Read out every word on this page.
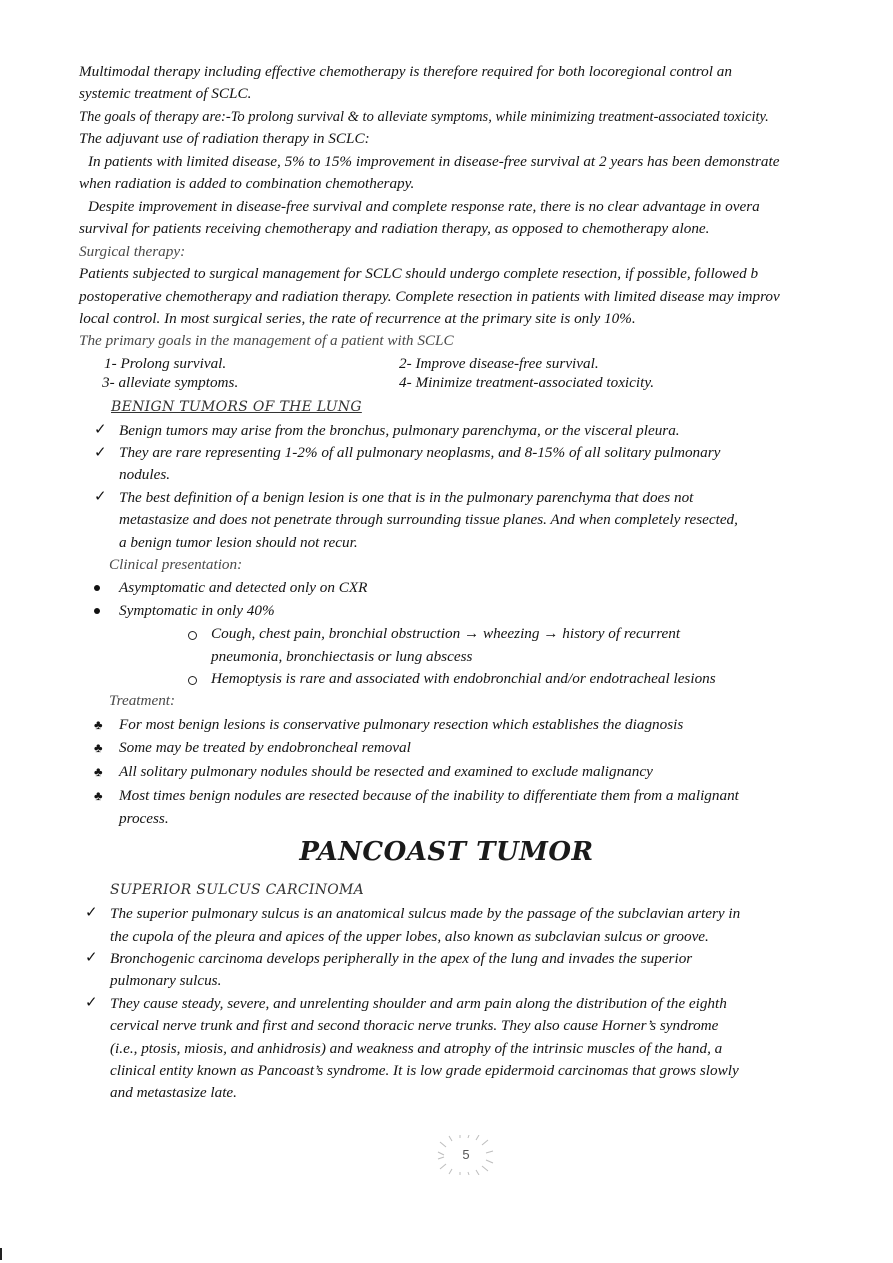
Multimodal therapy including effective chemotherapy is therefore required for both locoregional control an
systemic treatment of SCLC.
The goals of therapy are:-To prolong survival & to alleviate symptoms, while minimizing treatment-associated toxicity.
The adjuvant use of radiation therapy in SCLC:
In patients with limited disease, 5% to 15% improvement in disease-free survival at 2 years has been demonstrate
when radiation is added to combination chemotherapy.
Despite improvement in disease-free survival and complete response rate, there is no clear advantage in overa
survival for patients receiving chemotherapy and radiation therapy, as opposed to chemotherapy alone.
Surgical therapy:
Patients subjected to surgical management for SCLC should undergo complete resection, if possible, followed b
postoperative chemotherapy and radiation therapy. Complete resection in patients with limited disease may improv
local control. In most surgical series, the rate of recurrence at the primary site is only 10%.
The primary goals in the management of a patient with SCLC
1- Prolong survival.	2- Improve disease-free survival.
3- alleviate symptoms.	4- Minimize treatment-associated toxicity.
BENIGN TUMORS OF THE LUNG
✓ Benign tumors may arise from the bronchus, pulmonary parenchyma, or the visceral pleura.
✓ They are rare representing 1-2% of all pulmonary neoplasms, and 8-15% of all solitary pulmonary
nodules.
✓ The best definition of a benign lesion is one that is in the pulmonary parenchyma that does not
metastasize and does not penetrate through surrounding tissue planes. And when completely resected,
a benign tumor lesion should not recur.
Clinical presentation:
Asymptomatic and detected only on CXR
Symptomatic in only 40%
Cough, chest pain, bronchial obstruction → wheezing → history of recurrent
pneumonia, bronchiectasis or lung abscess
Hemoptysis is rare and associated with endobronchial and/or endotracheal lesions
Treatment:
♣ For most benign lesions is conservative pulmonary resection which establishes the diagnosis
♣ Some may be treated by endobroncheal removal
♣ All solitary pulmonary nodules should be resected and examined to exclude malignancy
♣ Most times benign nodules are resected because of the inability to differentiate them from a malignant
process.
PANCOAST TUMOR
SUPERIOR SULCUS CARCINOMA
✓ The superior pulmonary sulcus is an anatomical sulcus made by the passage of the subclavian artery in
the cupola of the pleura and apices of the upper lobes, also known as subclavian sulcus or groove.
✓ Bronchogenic carcinoma develops peripherally in the apex of the lung and invades the superior
pulmonary sulcus.
✓ They cause steady, severe, and unrelenting shoulder and arm pain along the distribution of the eighth
cervical nerve trunk and first and second thoracic nerve trunks. They also cause Horner’s syndrome
(i.e., ptosis, miosis, and anhidrosis) and weakness and atrophy of the intrinsic muscles of the hand, a
clinical entity known as Pancoast’s syndrome. It is low grade epidermoid carcinomas that grows slowly
and metastasize late.
5
